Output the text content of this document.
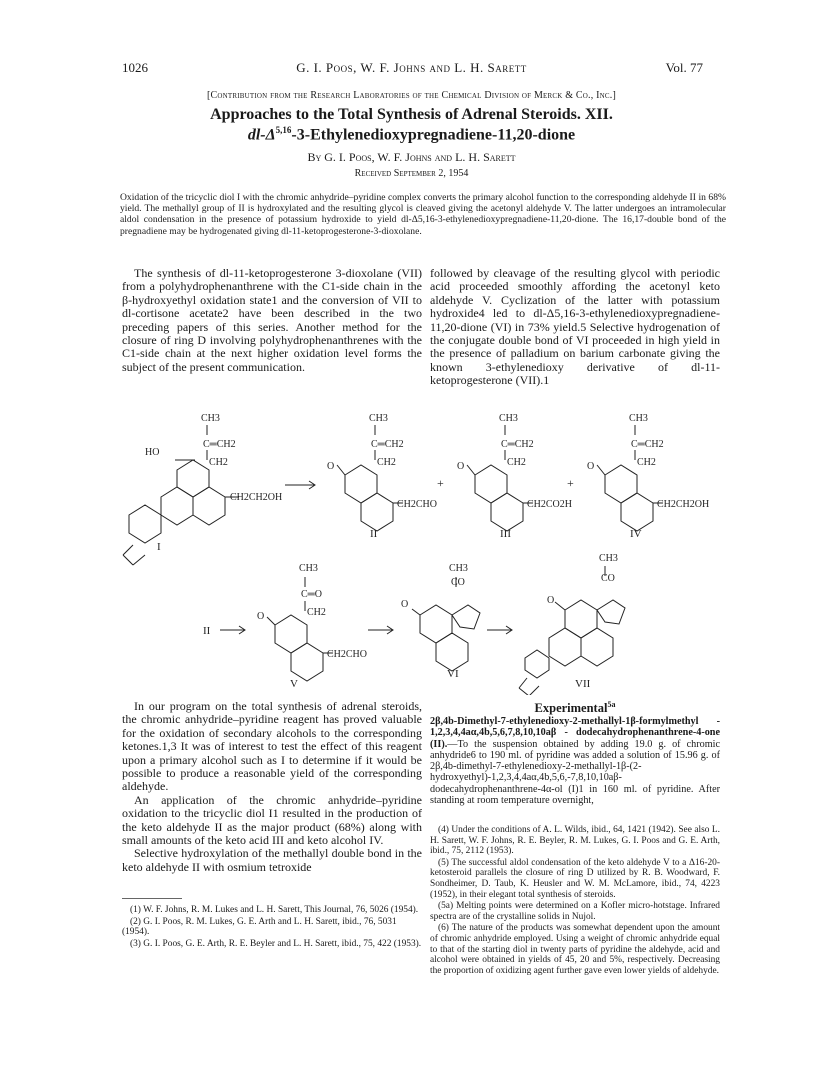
1026	G. I. Poos, W. F. Johns and L. H. Sarett	Vol. 77
[Contribution from the Research Laboratories of the Chemical Division of Merck & Co., Inc.]
Approaches to the Total Synthesis of Adrenal Steroids. XII.
$dl-\Delta^{5,16}-3-Ethylenedioxypregnadiene-11,20$-dione
By G. I. Poos, W. F. Johns and L. H. Sarett
Received September 2, 1954
Oxidation of the tricyclic diol I with the chromic anhydride–pyridine complex converts the primary alcohol function to the corresponding aldehyde II in 68% yield. The methallyl group of II is hydroxylated and the resulting glycol is cleaved giving the acetonyl aldehyde V. The latter undergoes an intramolecular aldol condensation in the presence of potassium hydroxide to yield dl-Δ5,16-3-ethylenedioxypregnadiene-11,20-dione. The 16,17-double bond of the pregnadiene may be hydrogenated giving dl-11-ketoprogesterone-3-dioxolane.
The synthesis of dl-11-ketoprogesterone 3-dioxolane (VII) from a polyhydrophenanthrene with the C1-side chain in the β-hydroxyethyl oxidation state1 and the conversion of VII to dl-cortisone acetate2 have been described in the two preceding papers of this series. Another method for the closure of ring D involving polyhydrophenanthrenes with the C1-side chain at the next higher oxidation level forms the subject of the present communication.
followed by cleavage of the resulting glycol with periodic acid proceeded smoothly affording the acetonyl keto aldehyde V. Cyclization of the latter with potassium hydroxide4 led to dl-Δ5,16-3-ethylenedioxypregnadiene-11,20-dione (VI) in 73% yield.5 Selective hydrogenation of the conjugate double bond of VI proceeded in high yield in the presence of palladium on barium carbonate giving the known 3-ethylenedioxy derivative of dl-11-ketoprogesterone (VII).1
CH3
C═CH2
CH2
HO
CH2CH2OH
I
CH3
C═CH2
CH2
O
CH2CHO
II
+
CH3
C═CH2
CH2
O
CH2CO2H
III
+
CH3
C═CH2
CH2
O
CH2CH2OH
IV
II
CH3
C═O
CH2
O
CH2CHO
V
CH3
CO
O
VI
CH3
CO
O
VII

In our program on the total synthesis of adrenal steroids, the chromic anhydride–pyridine reagent has proved valuable for the oxidation of secondary alcohols to the corresponding ketones.1,3 It was of interest to test the effect of this reagent upon a primary alcohol such as I to determine if it would be possible to produce a reasonable yield of the corresponding aldehyde.

An application of the chromic anhydride–pyridine oxidation to the tricyclic diol I1 resulted in the production of the keto aldehyde II as the major product (68%) along with small amounts of the keto acid III and keto alcohol IV.

Selective hydroxylation of the methallyl double bond in the keto aldehyde II with osmium tetroxide

(1) W. F. Johns, R. M. Lukes and L. H. Sarett, This Journal, 76, 5026 (1954).

(2) G. I. Poos, R. M. Lukes, G. E. Arth and L. H. Sarett, ibid., 76, 5031 (1954).

(3) G. I. Poos, G. E. Arth, R. E. Beyler and L. H. Sarett, ibid., 75, 422 (1953).

Experimental$^{5a}$
2β,4b-Dimethyl-7-ethylenedioxy-2-methallyl-1β-formylmethyl - 1,2,3,4,4aα,4b,5,6,7,8,10,10aβ - dodecahydrophenanthrene-4-one (II).—To the suspension obtained by adding 19.0 g. of chromic anhydride6 to 190 ml. of pyridine was added a solution of 15.96 g. of 2β,4b-dimethyl-7-ethylenedioxy-2-methallyl-1β-(2-hydroxyethyl)-1,2,3,4,4aα,4b,5,6,-7,8,10,10aβ-dodecahydrophenanthrene-4α-ol (I)1 in 160 ml. of pyridine. After standing at room temperature overnight,

(4) Under the conditions of A. L. Wilds, ibid., 64, 1421 (1942). See also L. H. Sarett, W. F. Johns, R. E. Beyler, R. M. Lukes, G. I. Poos and G. E. Arth, ibid., 75, 2112 (1953).

(5) The successful aldol condensation of the keto aldehyde V to a Δ16-20-ketosteroid parallels the closure of ring D utilized by R. B. Woodward, F. Sondheimer, D. Taub, K. Heusler and W. M. McLamore, ibid., 74, 4223 (1952), in their elegant total synthesis of steroids.

(5a) Melting points were determined on a Kofler micro-hotstage. Infrared spectra are of the crystalline solids in Nujol.

(6) The nature of the products was somewhat dependent upon the amount of chromic anhydride employed. Using a weight of chromic anhydride equal to that of the starting diol in twenty parts of pyridine the aldehyde, acid and alcohol were obtained in yields of 45, 20 and 5%, respectively. Decreasing the proportion of oxidizing agent further gave even lower yields of aldehyde.
